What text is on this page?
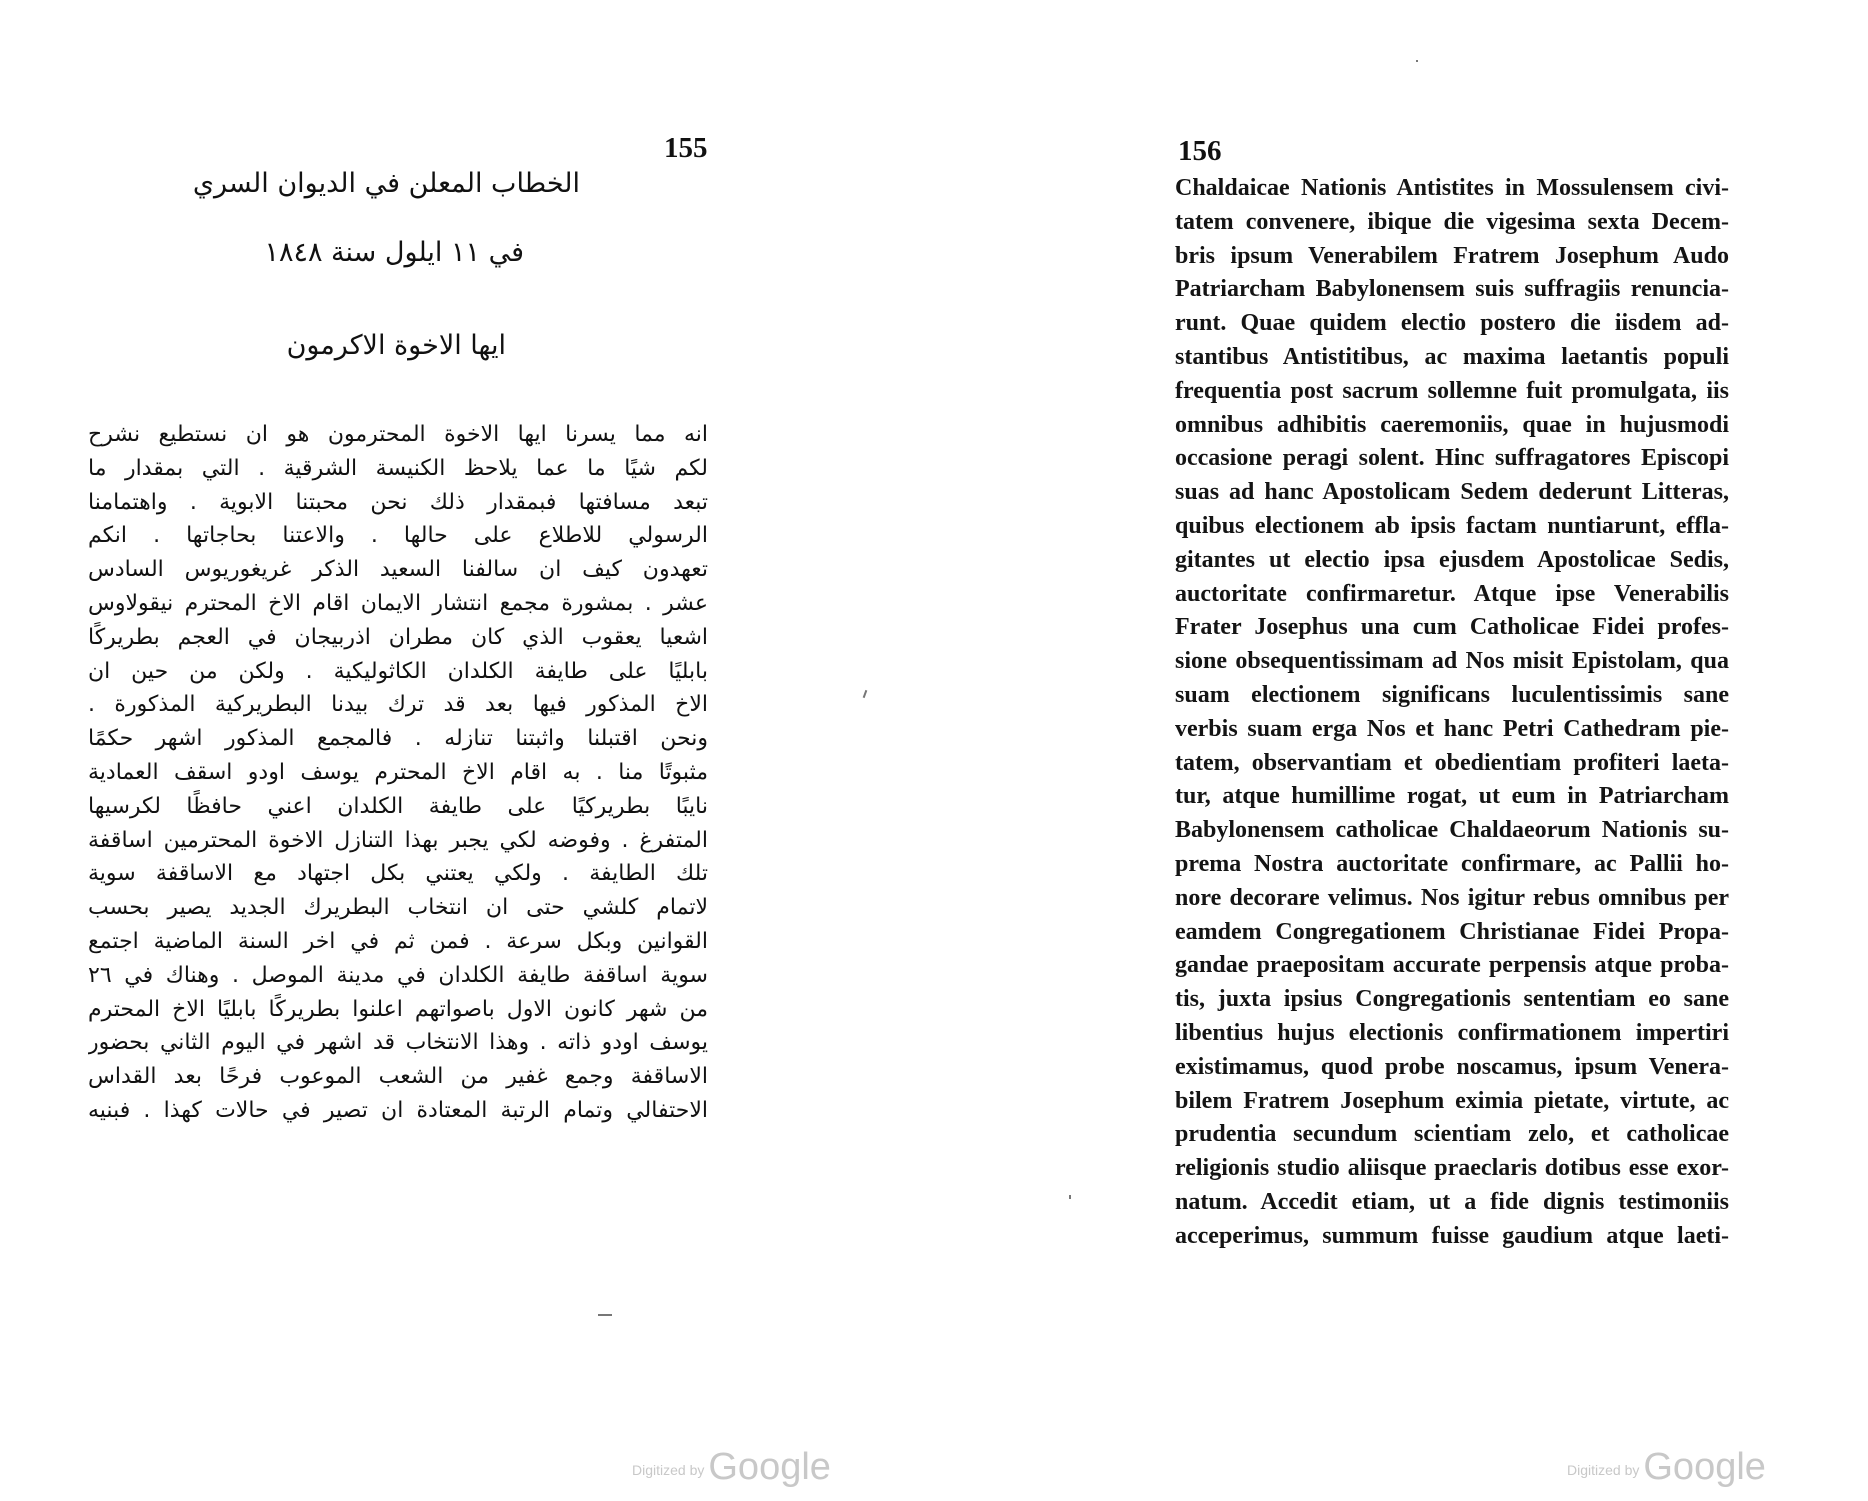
155
الخطاب المعلن في الديوان السري
في ١١ ايلول سنة ١٨٤٨
ايها الاخوة الاكرمون
انه مما يسرنا ايها الاخوة المحترمون هو ان نستطيع نشرح
لكم شيًا ما عما يلاحظ الكنيسة الشرقية . التي بمقدار ما
تبعد مسافتها فبمقدار ذلك نحن محبتنا الابوية . واهتمامنا
الرسولي للاطلاع على حالها . والاعتنا بحاجاتها . انكم
تعهدون كيف ان سالفنا السعيد الذكر غريغوريوس السادس
عشر . بمشورة مجمع انتشار الايمان اقام الاخ المحترم نيقولاوس
اشعيا يعقوب الذي كان مطران اذربيجان في العجم بطريركًا
بابليًا على طايفة الكلدان الكاثوليكية . ولكن من حين ان
الاخ المذكور فيها بعد قد ترك بيدنا البطريركية المذكورة .
ونحن اقتبلنا واثبتنا تنازله . فالمجمع المذكور اشهر حكمًا
مثبوتًا منا . به اقام الاخ المحترم يوسف اودو اسقف العمادية
نايبًا بطريركيًا على طايفة الكلدان اعني حافظًا لكرسيها
المتفرغ . وفوضه لكي يجبر بهذا التنازل الاخوة المحترمين اساقفة
تلك الطايفة . ولكي يعتني بكل اجتهاد مع الاساقفة سوية
لاتمام كلشي حتى ان انتخاب البطريرك الجديد يصير بحسب
القوانين وبكل سرعة . فمن ثم في اخر السنة الماضية اجتمع
سوية اساقفة طايفة الكلدان في مدينة الموصل . وهناك في ٢٦
من شهر كانون الاول باصواتهم اعلنوا بطريركًا بابليًا الاخ المحترم
يوسف اودو ذاته . وهذا الانتخاب قد اشهر في اليوم الثاني بحضور
الاساقفة وجمع غفير من الشعب الموعوب فرحًا بعد القداس
الاحتفالي وتمام الرتبة المعتادة ان تصير في حالات كهذا . فبنيه
Digitized by Google
156
Chaldaicae Nationis Antistites in Mossulensem civi-
tatem convenere, ibique die vigesima sexta Decem-
bris ipsum Venerabilem Fratrem Josephum Audo
Patriarcham Babylonensem suis suffragiis renuncia-
runt. Quae quidem electio postero die iisdem ad-
stantibus Antistitibus, ac maxima laetantis populi
frequentia post sacrum sollemne fuit promulgata, iis
omnibus adhibitis caeremoniis, quae in hujusmodi
occasione peragi solent. Hinc suffragatores Episcopi
suas ad hanc Apostolicam Sedem dederunt Litteras,
quibus electionem ab ipsis factam nuntiarunt, effla-
gitantes ut electio ipsa ejusdem Apostolicae Sedis,
auctoritate confirmaretur. Atque ipse Venerabilis
Frater Josephus una cum Catholicae Fidei profes-
sione obsequentissimam ad Nos misit Epistolam, qua
suam electionem significans luculentissimis sane
verbis suam erga Nos et hanc Petri Cathedram pie-
tatem, observantiam et obedientiam profiteri laeta-
tur, atque humillime rogat, ut eum in Patriarcham
Babylonensem catholicae Chaldaeorum Nationis su-
prema Nostra auctoritate confirmare, ac Pallii ho-
nore decorare velimus. Nos igitur rebus omnibus per
eamdem Congregationem Christianae Fidei Propa-
gandae praepositam accurate perpensis atque proba-
tis, juxta ipsius Congregationis sententiam eo sane
libentius hujus electionis confirmationem impertiri
existimamus, quod probe noscamus, ipsum Venera-
bilem Fratrem Josephum eximia pietate, virtute, ac
prudentia secundum scientiam zelo, et catholicae
religionis studio aliisque praeclaris dotibus esse exor-
natum. Accedit etiam, ut a fide dignis testimoniis
acceperimus, summum fuisse gaudium atque laeti-
Digitized by Google
